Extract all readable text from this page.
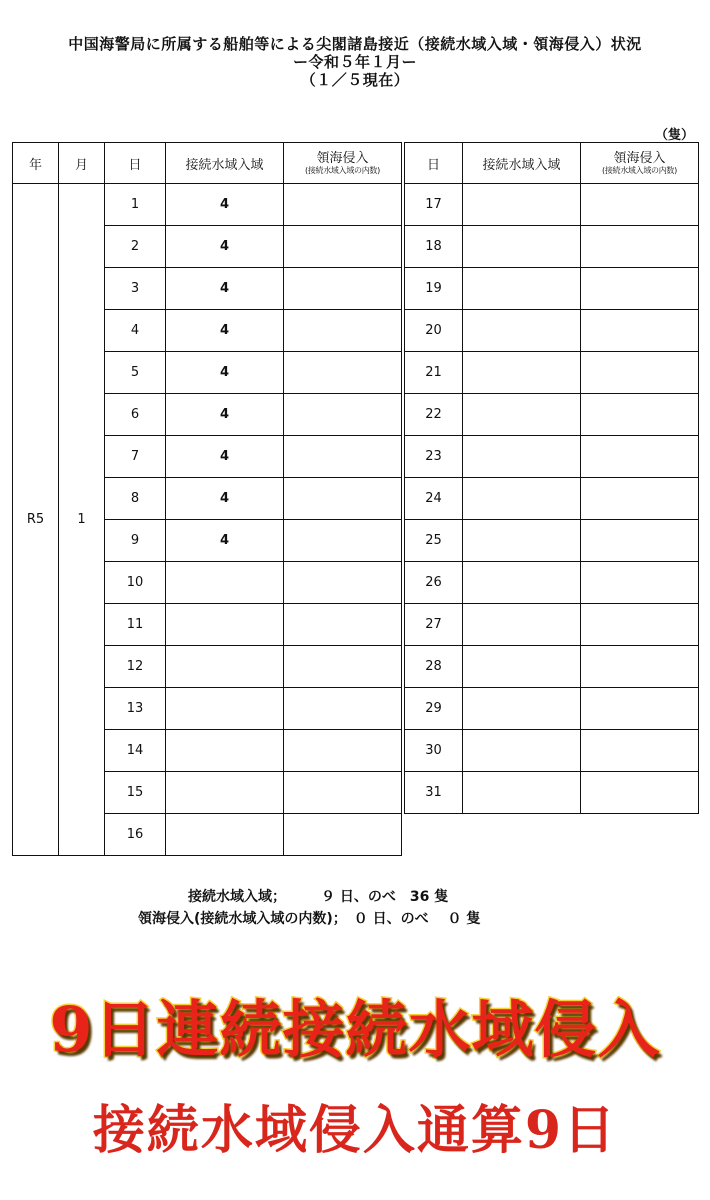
中国海警局に所属する船舶等による尖閣諸島接近（接続水域入域・領海侵入）状況
ー令和５年１月ー
（１／５現在）
（隻）
年	月	日	接続水域入域	領海侵入
(接続水域入域の内数)

R5	1	1	4	
		2	4	
		3	4	
		4	4	
		5	4	
		6	4	
		7	4	
		8	4	
		9	4	
		10		
		11		
		12		
		13		
		14		
		15		
		16		
日	接続水域入域	領海侵入
(接続水域入域の内数)

17		
18		
19		
20		
21		
22		
23		
24		
25		
26		
27		
28		
29		
30		
31		
接続水域入域；　　　９ 日、のべ　36 隻
領海侵入(接続水域入域の内数)；　０ 日、のべ　 ０ 隻
9日連続接続水域侵入
接続水域侵入通算9日
